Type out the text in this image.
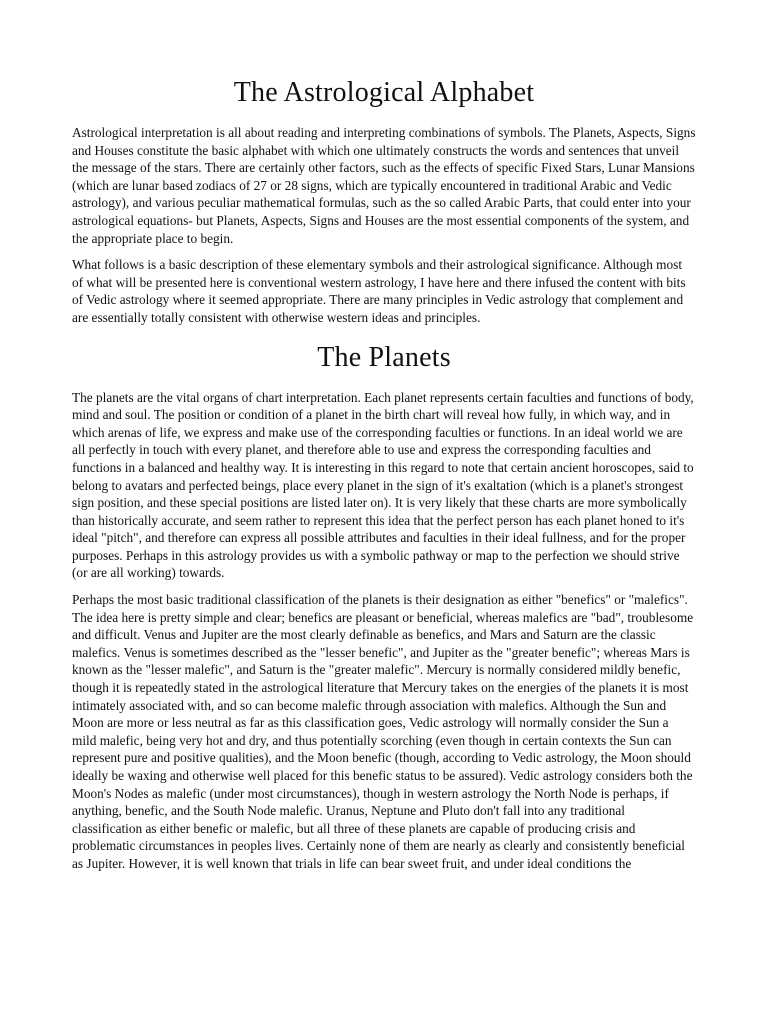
The Astrological Alphabet

Astrological interpretation is all about reading and interpreting combinations of symbols. The Planets, Aspects, Signs and Houses constitute the basic alphabet with which one ultimately constructs the words and sentences that unveil the message of the stars. There are certainly other factors, such as the effects of specific Fixed Stars, Lunar Mansions (which are lunar based zodiacs of 27 or 28 signs, which are typically encountered in traditional Arabic and Vedic astrology), and various peculiar mathematical formulas, such as the so called Arabic Parts, that could enter into your astrological equations- but Planets, Aspects, Signs and Houses are the most essential components of the system, and the appropriate place to begin.

What follows is a basic description of these elementary symbols and their astrological significance. Although most of what will be presented here is conventional western astrology, I have here and there infused the content with bits of Vedic astrology where it seemed appropriate. There are many principles in Vedic astrology that complement and are essentially totally consistent with otherwise western ideas and principles.

The Planets

The planets are the vital organs of chart interpretation. Each planet represents certain faculties and functions of body, mind and soul. The position or condition of a planet in the birth chart will reveal how fully, in which way, and in which arenas of life, we express and make use of the corresponding faculties or functions. In an ideal world we are all perfectly in touch with every planet, and therefore able to use and express the corresponding faculties and functions in a balanced and healthy way. It is interesting in this regard to note that certain ancient horoscopes, said to belong to avatars and perfected beings, place every planet in the sign of it's exaltation (which is a planet's strongest sign position, and these special positions are listed later on). It is very likely that these charts are more symbolically than historically accurate, and seem rather to represent this idea that the perfect person has each planet honed to it's ideal "pitch", and therefore can express all possible attributes and faculties in their ideal fullness, and for the proper purposes. Perhaps in this astrology provides us with a symbolic pathway or map to the perfection we should strive (or are all working) towards.

Perhaps the most basic traditional classification of the planets is their designation as either "benefics" or "malefics". The idea here is pretty simple and clear; benefics are pleasant or beneficial, whereas malefics are "bad", troublesome and difficult. Venus and Jupiter are the most clearly definable as benefics, and Mars and Saturn are the classic malefics. Venus is sometimes described as the "lesser benefic", and Jupiter as the "greater benefic"; whereas Mars is known as the "lesser malefic", and Saturn is the "greater malefic". Mercury is normally considered mildly benefic, though it is repeatedly stated in the astrological literature that Mercury takes on the energies of the planets it is most intimately associated with, and so can become malefic through association with malefics. Although the Sun and Moon are more or less neutral as far as this classification goes, Vedic astrology will normally consider the Sun a mild malefic, being very hot and dry, and thus potentially scorching (even though in certain contexts the Sun can represent pure and positive qualities), and the Moon benefic (though, according to Vedic astrology, the Moon should ideally be waxing and otherwise well placed for this benefic status to be assured). Vedic astrology considers both the Moon's Nodes as malefic (under most circumstances), though in western astrology the North Node is perhaps, if anything, benefic, and the South Node malefic. Uranus, Neptune and Pluto don't fall into any traditional classification as either benefic or malefic, but all three of these planets are capable of producing crisis and problematic circumstances in peoples lives. Certainly none of them are nearly as clearly and consistently beneficial as Jupiter. However, it is well known that trials in life can bear sweet fruit, and under ideal conditions the
